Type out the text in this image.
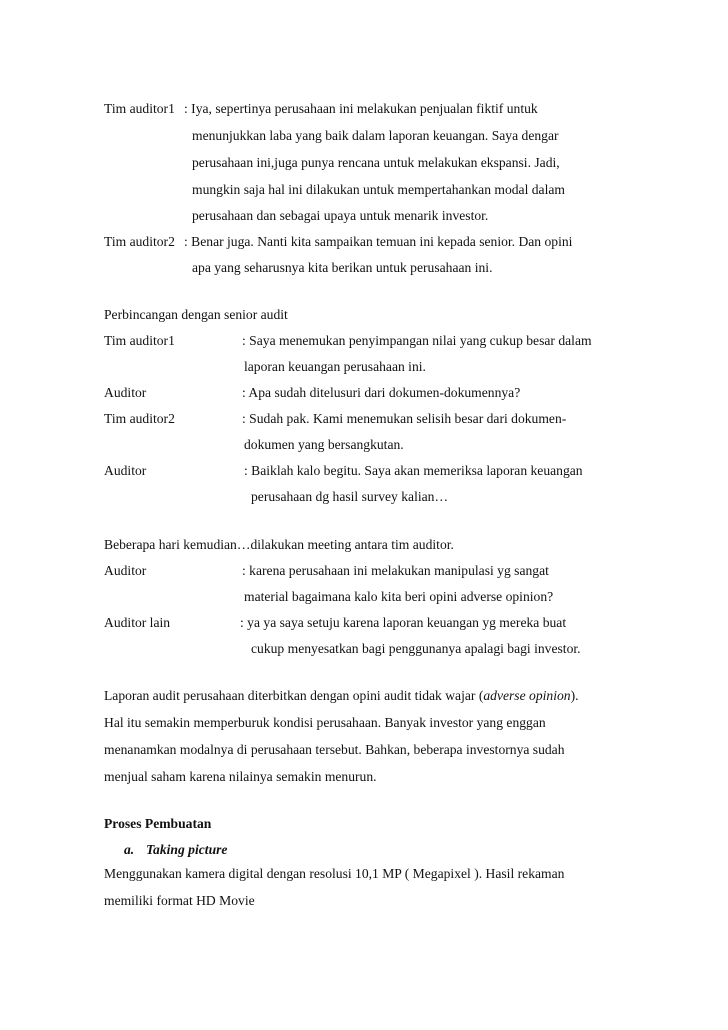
Tim auditor1 : Iya, sepertinya perusahaan ini melakukan penjualan fiktif untuk
menunjukkan laba yang baik dalam laporan keuangan. Saya dengar
perusahaan ini,juga punya rencana untuk melakukan ekspansi. Jadi,
mungkin saja hal ini dilakukan untuk mempertahankan modal dalam
perusahaan dan sebagai upaya untuk menarik investor.
Tim auditor2 : Benar juga. Nanti kita sampaikan temuan ini kepada senior. Dan opini
apa yang seharusnya kita berikan untuk perusahaan ini.
Perbincangan dengan senior audit
Tim auditor1	: Saya menemukan penyimpangan nilai yang cukup besar dalam
laporan keuangan perusahaan ini.
Auditor	: Apa sudah ditelusuri dari dokumen-dokumennya?
Tim auditor2	: Sudah pak. Kami menemukan selisih besar dari dokumen-
dokumen yang bersangkutan.
Auditor	: Baiklah kalo begitu. Saya akan memeriksa laporan keuangan
perusahaan dg hasil survey kalian…
Beberapa hari kemudian…dilakukan meeting antara tim auditor.
Auditor	: karena perusahaan ini melakukan manipulasi yg sangat
material bagaimana kalo kita beri opini adverse opinion?
Auditor lain	: ya ya saya setuju karena laporan keuangan yg mereka buat
cukup menyesatkan bagi penggunanya apalagi bagi investor.
Laporan audit perusahaan diterbitkan dengan opini audit tidak wajar (adverse opinion).
Hal itu semakin memperburuk kondisi perusahaan. Banyak investor yang enggan
menanamkan modalnya di perusahaan tersebut. Bahkan, beberapa investornya sudah
menjual saham karena nilainya semakin menurun.
Proses Pembuatan
a. Taking picture
Menggunakan kamera digital dengan resolusi 10,1 MP ( Megapixel ). Hasil rekaman
memiliki format HD Movie
